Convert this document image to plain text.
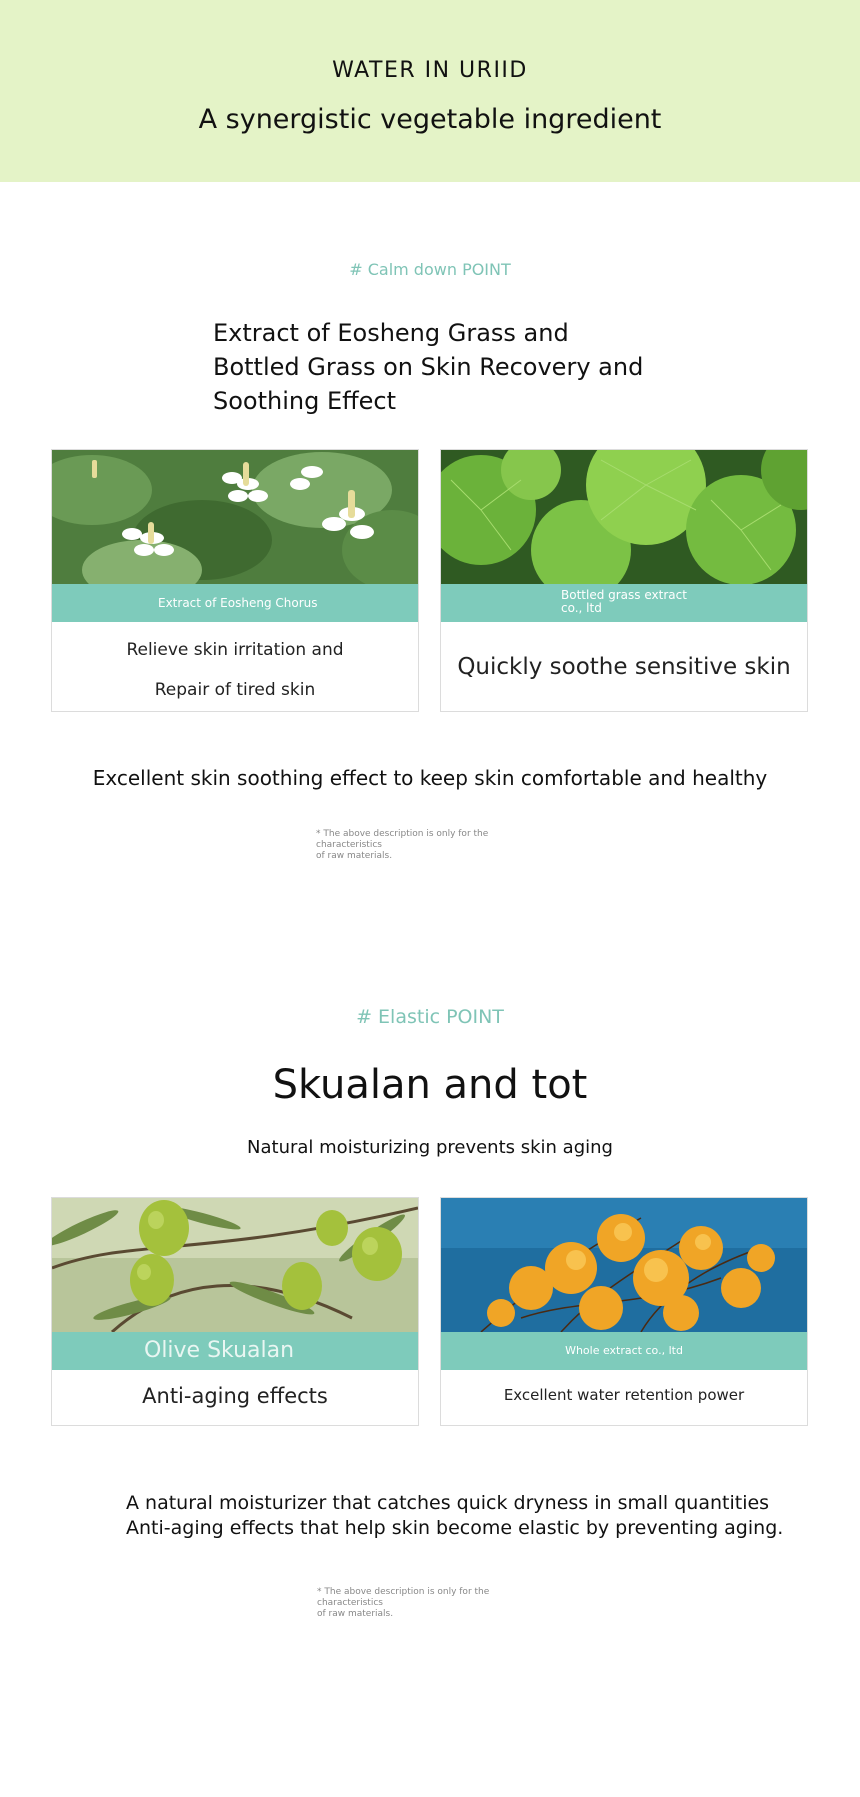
WATER IN URIID
A synergistic vegetable ingredient
# Calm down POINT
Extract of Eosheng Grass and Bottled Grass on Skin Recovery and Soothing Effect
Extract of Eosheng Chorus
Relieve skin irritation and
Repair of tired skin
Bottled grass extract
co., ltd
Quickly soothe sensitive skin
Excellent skin soothing effect to keep skin comfortable and healthy
* The above description is only for the characteristics
of raw materials.
# Elastic POINT
Skualan and tot
Natural moisturizing prevents skin aging
Olive Skualan
Anti-aging effects
Whole extract co., ltd
Excellent water retention power
A natural moisturizer that catches quick dryness in small quantities
Anti-aging effects that help skin become elastic by preventing aging.
* The above description is only for the characteristics
of raw materials.
